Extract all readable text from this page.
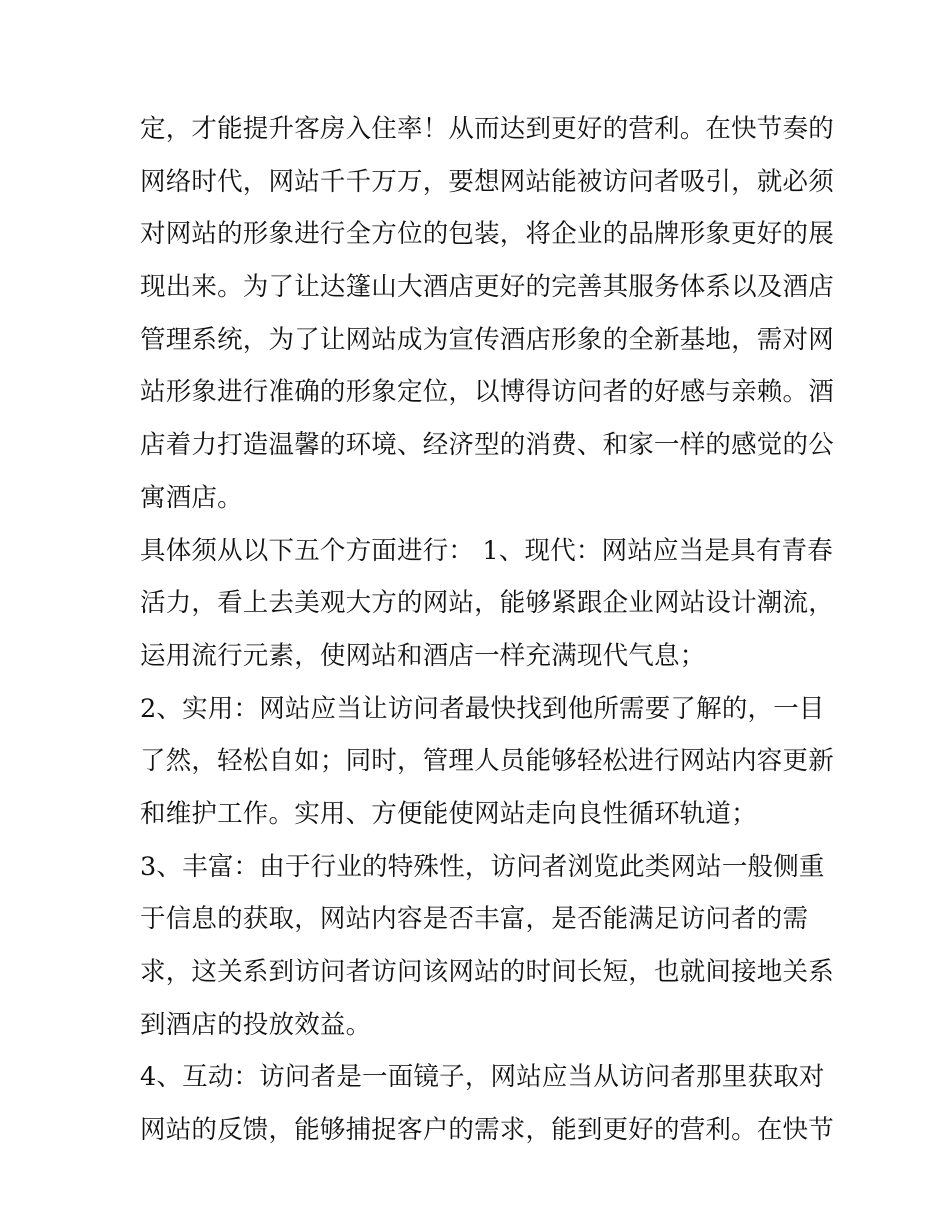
定，才能提升客房入住率！从而达到更好的营利。在快节奏的

网络时代，网站千千万万，要想网站能被访问者吸引，就必须

对网站的形象进行全方位的包装，将企业的品牌形象更好的展

现出来。为了让达篷山大酒店更好的完善其服务体系以及酒店

管理系统，为了让网站成为宣传酒店形象的全新基地，需对网

站形象进行准确的形象定位，以博得访问者的好感与亲赖。酒

店着力打造温馨的环境、经济型的消费、和家一样的感觉的公

寓酒店。

具体须从以下五个方面进行： 1、现代：网站应当是具有青春

活力，看上去美观大方的网站，能够紧跟企业网站设计潮流，

运用流行元素，使网站和酒店一样充满现代气息；

2、实用：网站应当让访问者最快找到他所需要了解的，一目

了然，轻松自如；同时，管理人员能够轻松进行网站内容更新

和维护工作。实用、方便能使网站走向良性循环轨道；

3、丰富：由于行业的特殊性，访问者浏览此类网站一般侧重

于信息的获取，网站内容是否丰富，是否能满足访问者的需

求，这关系到访问者访问该网站的时间长短，也就间接地关系

到酒店的投放效益。

4、互动：访问者是一面镜子，网站应当从访问者那里获取对

网站的反馈，能够捕捉客户的需求，能到更好的营利。在快节
